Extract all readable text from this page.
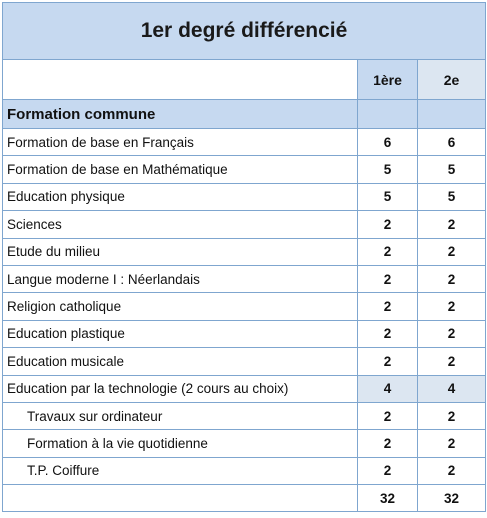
1er degré différencié		
	1ère	2e
Formation commune		
Formation de base en Français	6	6
Formation de base en Mathématique	5	5
Education physique	5	5
Sciences	2	2
Etude du milieu	2	2
Langue moderne I : Néerlandais	2	2
Religion catholique	2	2
Education plastique	2	2
Education musicale	2	2
Education par la technologie (2 cours au choix)	4	4
Travaux sur ordinateur	2	2
Formation à la vie quotidienne	2	2
T.P. Coiffure	2	2
	32	32
